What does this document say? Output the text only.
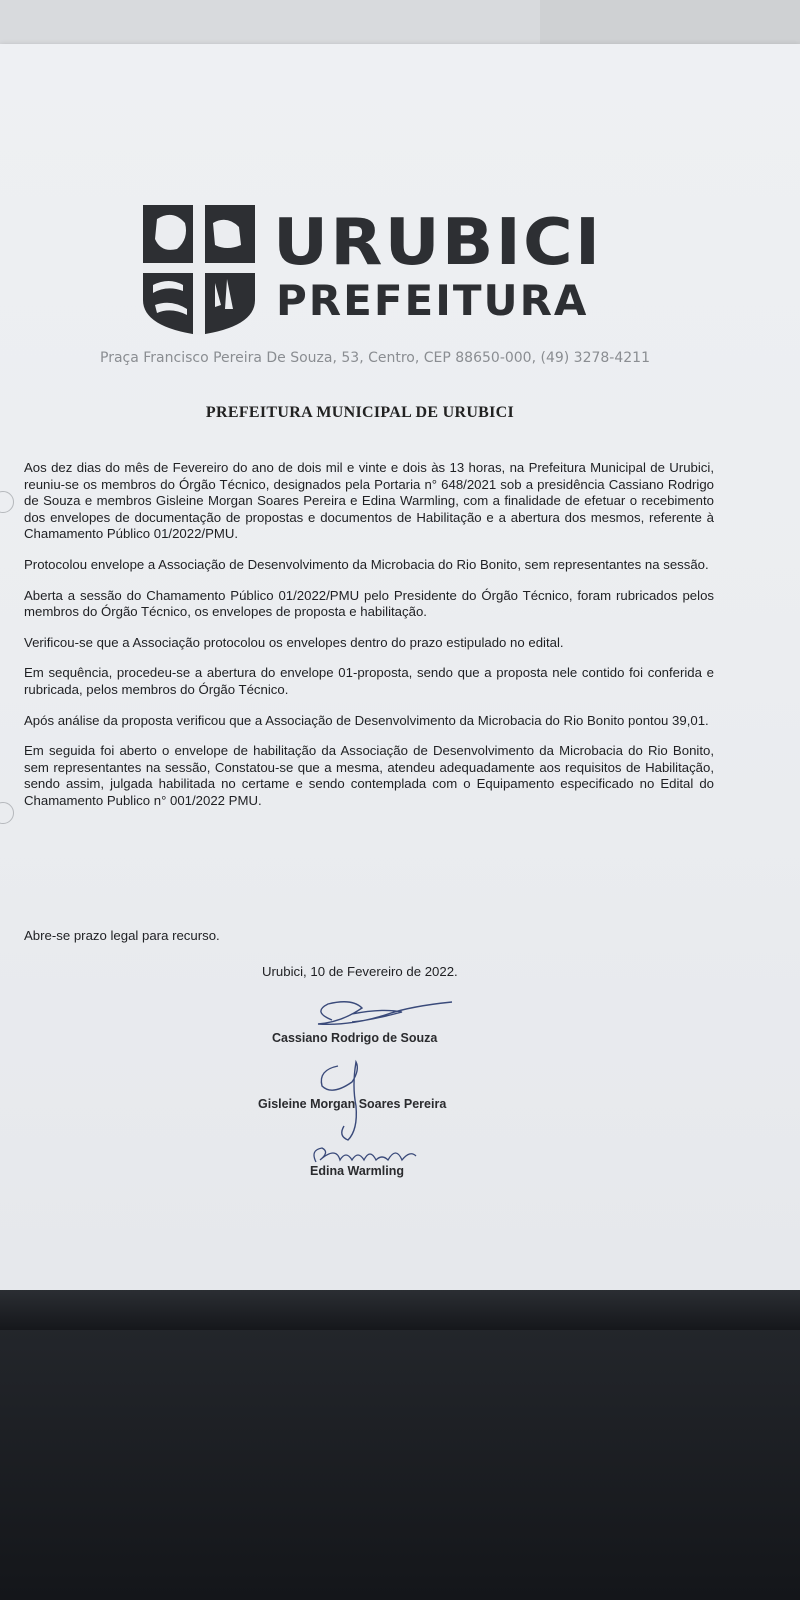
URUBICI
PREFEITURA
Praça Francisco Pereira De Souza, 53, Centro, CEP 88650-000, (49) 3278-4211
PREFEITURA MUNICIPAL DE URUBICI

Aos dez dias do mês de Fevereiro do ano de dois mil e vinte e dois às 13 horas, na Prefeitura Municipal de Urubici, reuniu-se os membros do Órgão Técnico, designados pela Portaria n° 648/2021 sob a presidência Cassiano Rodrigo de Souza e membros Gisleine Morgan Soares Pereira e Edina Warmling, com a finalidade de efetuar o recebimento dos envelopes de documentação de propostas e documentos de Habilitação e a abertura dos mesmos, referente à Chamamento Público 01/2022/PMU.

Protocolou envelope a Associação de Desenvolvimento da Microbacia do Rio Bonito, sem representantes na sessão.

Aberta a sessão do Chamamento Público 01/2022/PMU pelo Presidente do Órgão Técnico, foram rubricados pelos membros do Órgão Técnico, os envelopes de proposta e habilitação.

Verificou-se que a Associação protocolou os envelopes dentro do prazo estipulado no edital.

Em sequência, procedeu-se a abertura do envelope 01-proposta, sendo que a proposta nele contido foi conferida e rubricada, pelos membros do Órgão Técnico.

Após análise da proposta verificou que a Associação de Desenvolvimento da Microbacia do Rio Bonito pontou 39,01.

Em seguida foi aberto o envelope de habilitação da Associação de Desenvolvimento da Microbacia do Rio Bonito, sem representantes na sessão, Constatou-se que a mesma, atendeu adequadamente aos requisitos de Habilitação, sendo assim, julgada habilitada no certame e sendo contemplada com o Equipamento especificado no Edital do Chamamento Publico n° 001/2022 PMU.

Abre-se prazo legal para recurso.
Urubici, 10 de Fevereiro de 2022.
Cassiano Rodrigo de Souza
Gisleine Morgan Soares Pereira
Edina Warmling
